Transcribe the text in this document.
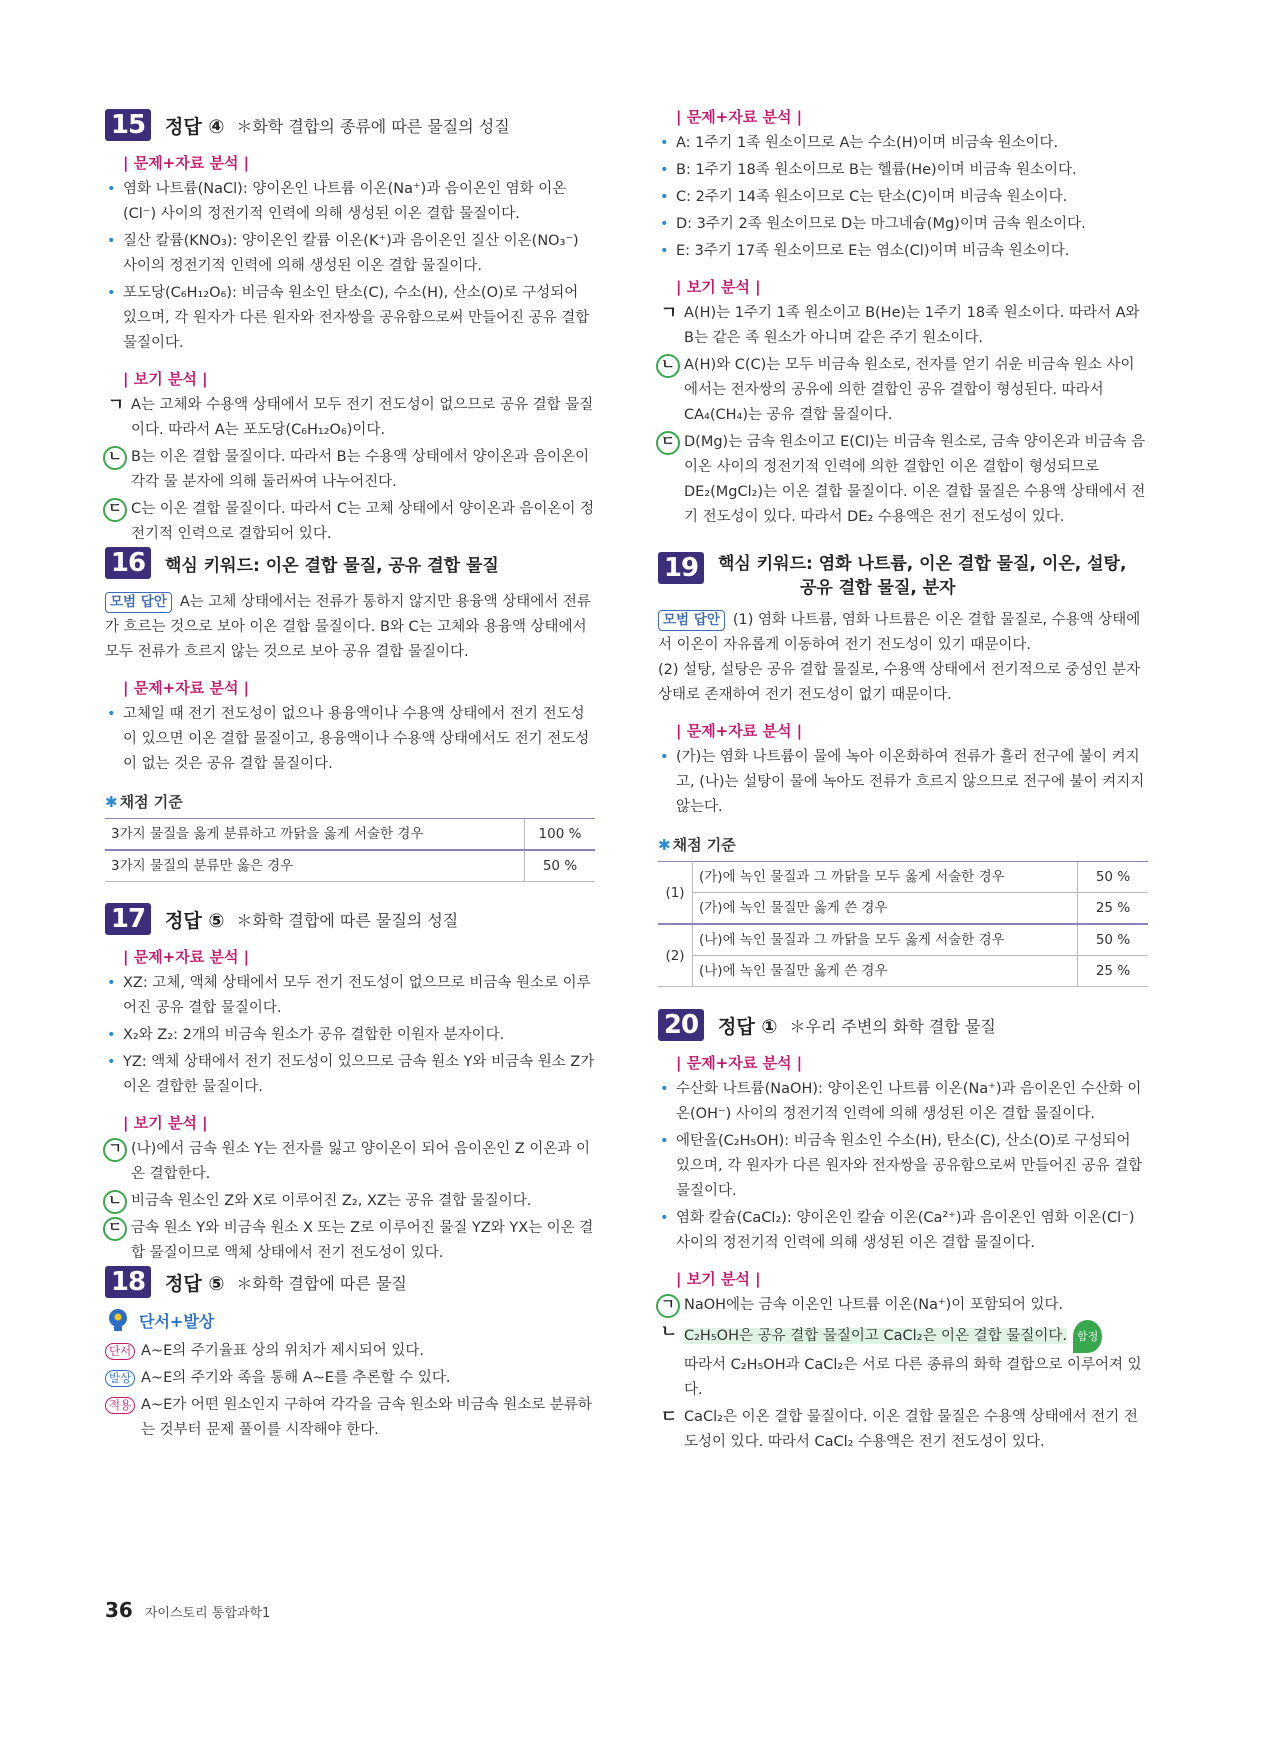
15	정답 ④ ＊화학 결합의 종류에 따른 물질의 성질
| 문제+자료 분석 |
• 염화 나트륨(NaCl): 양이온인 나트륨 이온(Na⁺)과 음이온인 염화 이온(Cl⁻) 사이의 정전기적 인력에 의해 생성된 이온 결합 물질이다.
• 질산 칼륨(KNO₃): 양이온인 칼륨 이온(K⁺)과 음이온인 질산 이온(NO₃⁻) 사이의 정전기적 인력에 의해 생성된 이온 결합 물질이다.
• 포도당(C₆H₁₂O₆): 비금속 원소인 탄소(C), 수소(H), 산소(O)로 구성되어 있으며, 각 원자가 다른 원자와 전자쌍을 공유함으로써 만들어진 공유 결합 물질이다.
| 보기 분석 |
ㄱ A는 고체와 수용액 상태에서 모두 전기 전도성이 없으므로 공유 결합 물질이다. 따라서 A는 포도당(C₆H₁₂O₆)이다.
ㄴ B는 이온 결합 물질이다. 따라서 B는 수용액 상태에서 양이온과 음이온이 각각 물 분자에 의해 둘러싸여 나누어진다.
ㄷ C는 이온 결합 물질이다. 따라서 C는 고체 상태에서 양이온과 음이온이 정전기적 인력으로 결합되어 있다.
16	핵심 키워드: 이온 결합 물질, 공유 결합 물질
모범 답안 A는 고체 상태에서는 전류가 통하지 않지만 용융액 상태에서 전류가 흐르는 것으로 보아 이온 결합 물질이다. B와 C는 고체와 용융액 상태에서 모두 전류가 흐르지 않는 것으로 보아 공유 결합 물질이다.
| 문제+자료 분석 |
• 고체일 때 전기 전도성이 없으나 용융액이나 수용액 상태에서 전기 전도성이 있으면 이온 결합 물질이고, 용융액이나 수용액 상태에서도 전기 전도성이 없는 것은 공유 결합 물질이다.
✱ 채점 기준
3가지 물질을 옳게 분류하고 까닭을 옳게 서술한 경우	100 %
3가지 물질의 분류만 옳은 경우	50 %
17	정답 ⑤ ＊화학 결합에 따른 물질의 성질
| 문제+자료 분석 |
• XZ: 고체, 액체 상태에서 모두 전기 전도성이 없으므로 비금속 원소로 이루어진 공유 결합 물질이다.
• X₂와 Z₂: 2개의 비금속 원소가 공유 결합한 이원자 분자이다.
• YZ: 액체 상태에서 전기 전도성이 있으므로 금속 원소 Y와 비금속 원소 Z가 이온 결합한 물질이다.
| 보기 분석 |
ㄱ (나)에서 금속 원소 Y는 전자를 잃고 양이온이 되어 음이온인 Z 이온과 이온 결합한다.
ㄴ 비금속 원소인 Z와 X로 이루어진 Z₂, XZ는 공유 결합 물질이다.
ㄷ 금속 원소 Y와 비금속 원소 X 또는 Z로 이루어진 물질 YZ와 YX는 이온 결합 물질이므로 액체 상태에서 전기 전도성이 있다.
18	정답 ⑤ ＊화학 결합에 따른 물질
단서+발상
단서 A~E의 주기율표 상의 위치가 제시되어 있다.
발상 A~E의 주기와 족을 통해 A~E를 추론할 수 있다.
적용 A~E가 어떤 원소인지 구하여 각각을 금속 원소와 비금속 원소로 분류하는 것부터 문제 풀이를 시작해야 한다.
| 문제+자료 분석 |
• A: 1주기 1족 원소이므로 A는 수소(H)이며 비금속 원소이다.
• B: 1주기 18족 원소이므로 B는 헬륨(He)이며 비금속 원소이다.
• C: 2주기 14족 원소이므로 C는 탄소(C)이며 비금속 원소이다.
• D: 3주기 2족 원소이므로 D는 마그네슘(Mg)이며 금속 원소이다.
• E: 3주기 17족 원소이므로 E는 염소(Cl)이며 비금속 원소이다.
| 보기 분석 |
ㄱ A(H)는 1주기 1족 원소이고 B(He)는 1주기 18족 원소이다. 따라서 A와 B는 같은 족 원소가 아니며 같은 주기 원소이다.
ㄴ A(H)와 C(C)는 모두 비금속 원소로, 전자를 얻기 쉬운 비금속 원소 사이에서는 전자쌍의 공유에 의한 결합인 공유 결합이 형성된다. 따라서 CA₄(CH₄)는 공유 결합 물질이다.
ㄷ D(Mg)는 금속 원소이고 E(Cl)는 비금속 원소로, 금속 양이온과 비금속 음이온 사이의 정전기적 인력에 의한 결합인 이온 결합이 형성되므로 DE₂(MgCl₂)는 이온 결합 물질이다. 이온 결합 물질은 수용액 상태에서 전기 전도성이 있다. 따라서 DE₂ 수용액은 전기 전도성이 있다.
19	핵심 키워드: 염화 나트륨, 이온 결합 물질, 이온, 설탕,
공유 결합 물질, 분자
모범 답안 (1) 염화 나트륨, 염화 나트륨은 이온 결합 물질로, 수용액 상태에서 이온이 자유롭게 이동하여 전기 전도성이 있기 때문이다.
(2) 설탕, 설탕은 공유 결합 물질로, 수용액 상태에서 전기적으로 중성인 분자 상태로 존재하여 전기 전도성이 없기 때문이다.
| 문제+자료 분석 |
• (가)는 염화 나트륨이 물에 녹아 이온화하여 전류가 흘러 전구에 불이 켜지고, (나)는 설탕이 물에 녹아도 전류가 흐르지 않으므로 전구에 불이 켜지지 않는다.
✱ 채점 기준
(1)	(가)에 녹인 물질과 그 까닭을 모두 옳게 서술한 경우	50 %
	(가)에 녹인 물질만 옳게 쓴 경우	25 %
(2)	(나)에 녹인 물질과 그 까닭을 모두 옳게 서술한 경우	50 %
	(나)에 녹인 물질만 옳게 쓴 경우	25 %
20	정답 ① ＊우리 주변의 화학 결합 물질
| 문제+자료 분석 |
• 수산화 나트륨(NaOH): 양이온인 나트륨 이온(Na⁺)과 음이온인 수산화 이온(OH⁻) 사이의 정전기적 인력에 의해 생성된 이온 결합 물질이다.
• 에탄올(C₂H₅OH): 비금속 원소인 수소(H), 탄소(C), 산소(O)로 구성되어 있으며, 각 원자가 다른 원자와 전자쌍을 공유함으로써 만들어진 공유 결합 물질이다.
• 염화 칼슘(CaCl₂): 양이온인 칼슘 이온(Ca²⁺)과 음이온인 염화 이온(Cl⁻) 사이의 정전기적 인력에 의해 생성된 이온 결합 물질이다.
| 보기 분석 |
ㄱ NaOH에는 금속 이온인 나트륨 이온(Na⁺)이 포함되어 있다.
ㄴ C₂H₅OH은 공유 결합 물질이고 CaCl₂은 이온 결합 물질이다. 함정
따라서 C₂H₅OH과 CaCl₂은 서로 다른 종류의 화학 결합으로 이루어져 있다.
ㄷ CaCl₂은 이온 결합 물질이다. 이온 결합 물질은 수용액 상태에서 전기 전도성이 있다. 따라서 CaCl₂ 수용액은 전기 전도성이 있다.
36 자이스토리 통합과학1
